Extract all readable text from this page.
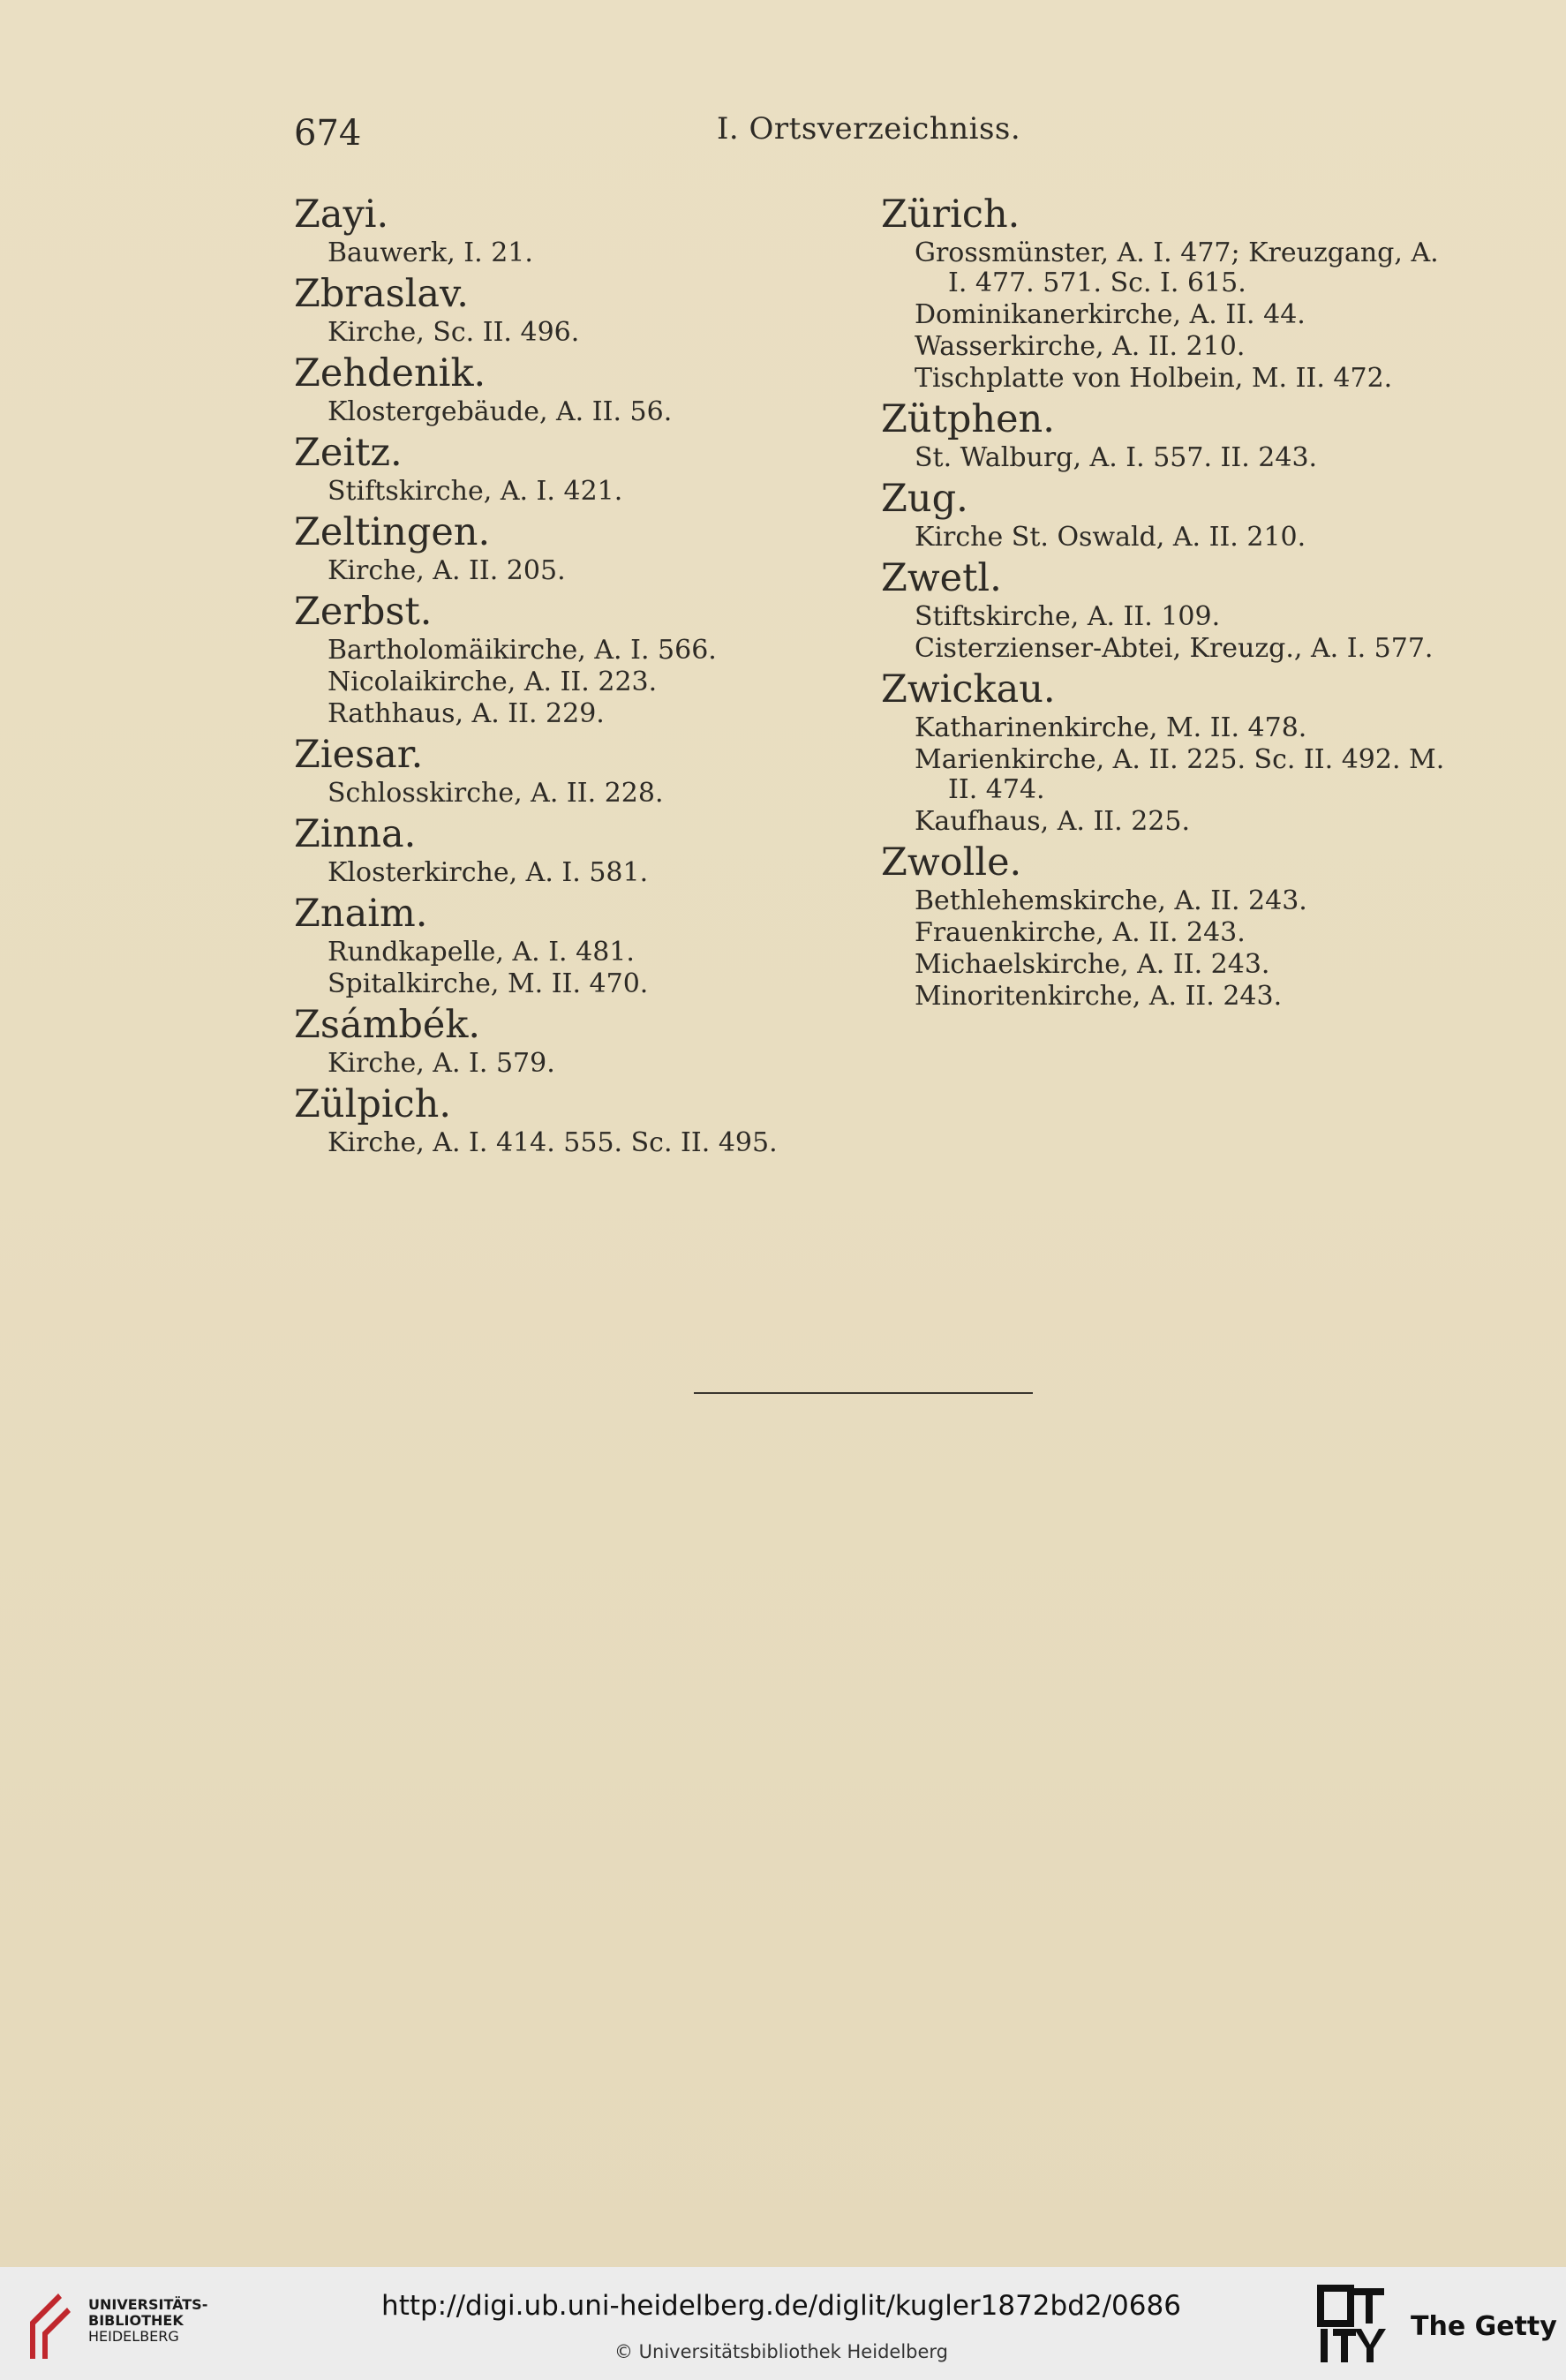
674	I. Ortsverzeichniss.
Zayi.
Bauwerk, I. 21.
Zbraslav.
Kirche, Sc. II. 496.
Zehdenik.
Klostergebäude, A. II. 56.
Zeitz.
Stiftskirche, A. I. 421.
Zeltingen.
Kirche, A. II. 205.
Zerbst.
Bartholomäikirche, A. I. 566.
Nicolaikirche, A. II. 223.
Rathhaus, A. II. 229.
Ziesar.
Schlosskirche, A. II. 228.
Zinna.
Klosterkirche, A. I. 581.
Znaim.
Rundkapelle, A. I. 481.
Spitalkirche, M. II. 470.
Zsámbék.
Kirche, A. I. 579.
Zülpich.
Kirche, A. I. 414. 555. Sc. II. 495.
Zürich.
Grossmünster, A. I. 477; Kreuzgang, A. I. 477. 571. Sc. I. 615.
Dominikanerkirche, A. II. 44.
Wasserkirche, A. II. 210.
Tischplatte von Holbein, M. II. 472.
Zütphen.
St. Walburg, A. I. 557. II. 243.
Zug.
Kirche St. Oswald, A. II. 210.
Zwetl.
Stiftskirche, A. II. 109.
Cisterzienser-Abtei, Kreuzg., A. I. 577.
Zwickau.
Katharinenkirche, M. II. 478.
Marienkirche, A. II. 225. Sc. II. 492. M. II. 474.
Kaufhaus, A. II. 225.
Zwolle.
Bethlehemskirche, A. II. 243.
Frauenkirche, A. II. 243.
Michaelskirche, A. II. 243.
Minoritenkirche, A. II. 243.
UNIVERSITÄTS-
BIBLIOTHEK
HEIDELBERG
http://digi.ub.uni-heidelberg.de/diglit/kugler1872bd2/0686
© Universitätsbibliothek Heidelberg
The Getty
